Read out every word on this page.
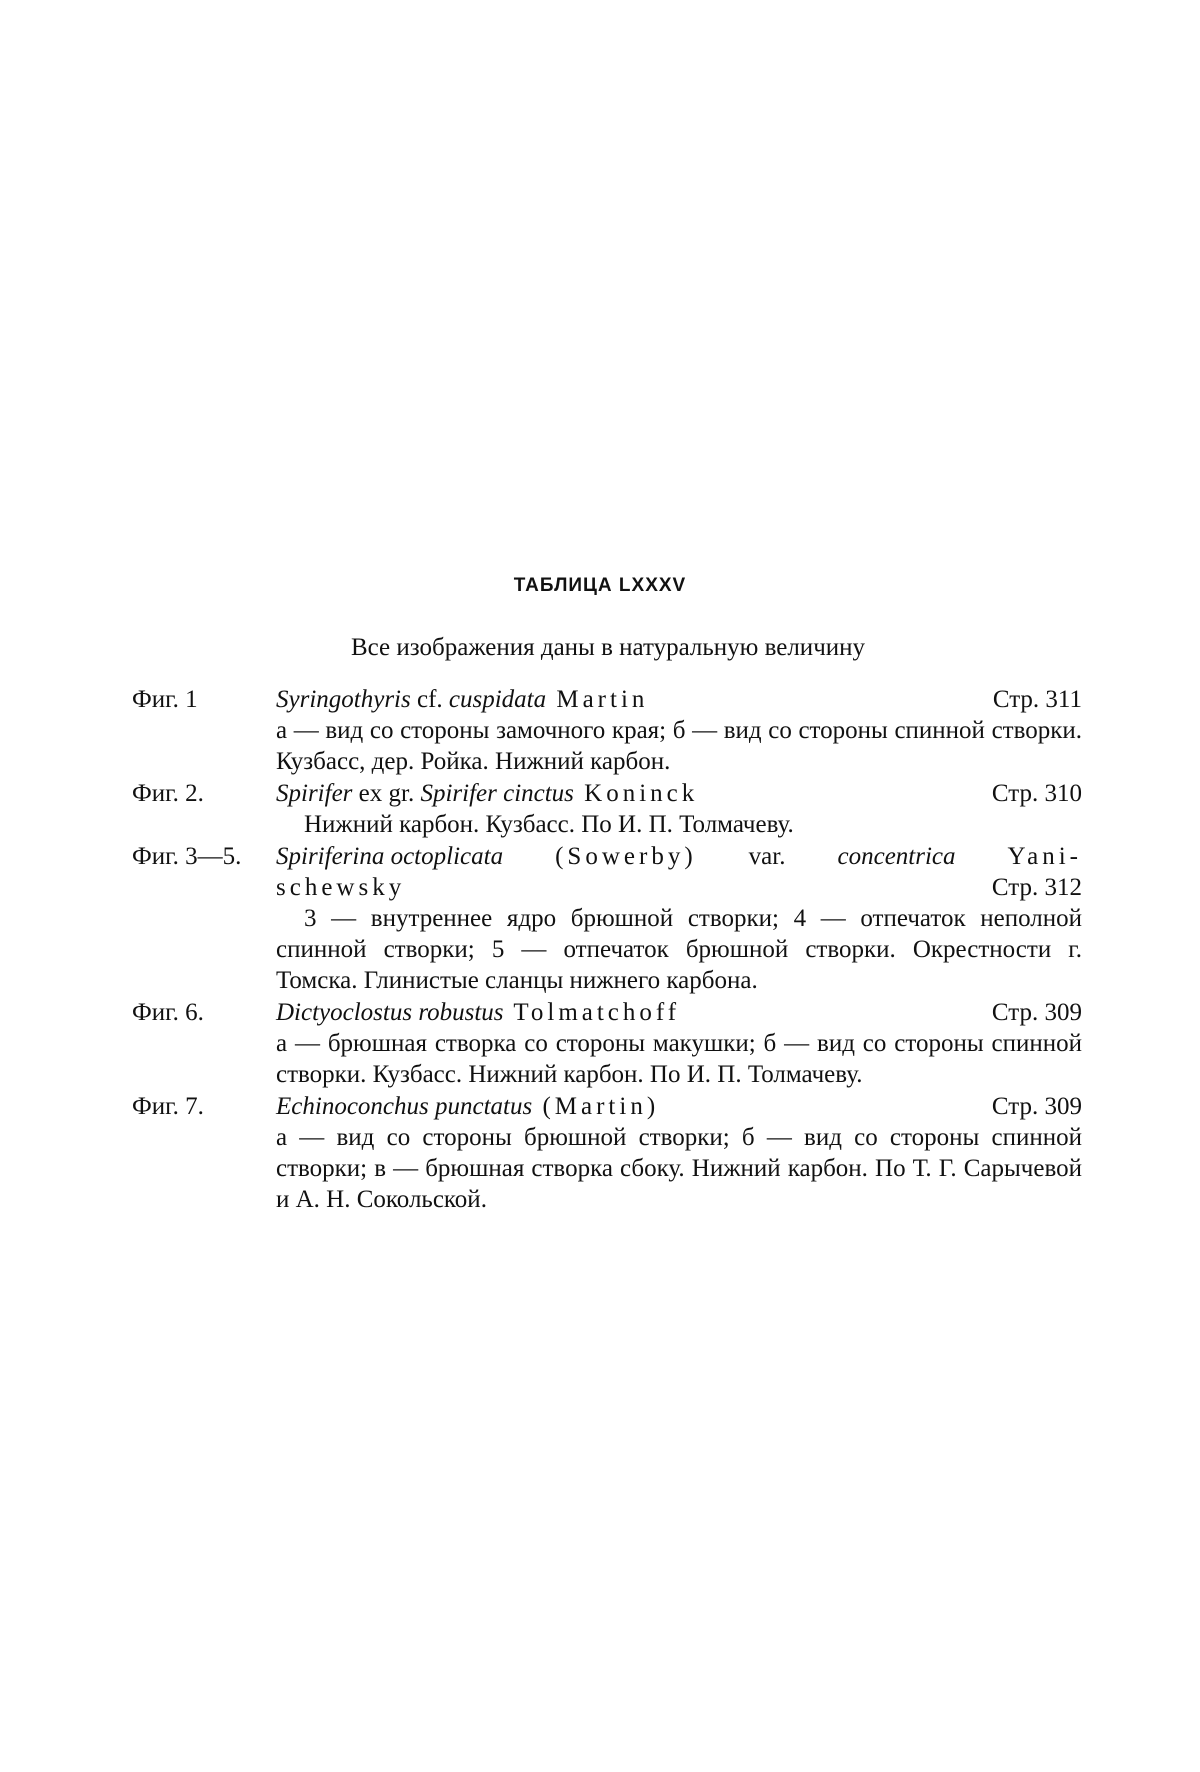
ТАБЛИЦА LXXXV
Все изображения даны в натуральную величину
Фиг. 1	Syringothyris cf. cuspidata Martin	Стр. 311
а — вид со стороны замочного края; б — вид со стороны спинной створки. Кузбасс, дер. Ройка. Нижний карбон.
Фиг. 2.	Spirifer ex gr. Spirifer cinctus Koninck	Стр. 310
Нижний карбон. Кузбасс. По И. П. Толмачеву.
Фиг. 3—5. Spiriferina octoplicata (Sowerby) var. concentrica Yani-
schewsky	Стр. 312
3 — внутреннее ядро брюшной створки; 4 — отпечаток неполной спинной створки; 5 — отпечаток брюшной створки. Окрестности г. Томска. Глинистые сланцы нижнего карбона.
Фиг. 6.	Dictyoclostus robustus Tolmatchoff	Стр. 309
а — брюшная створка со стороны макушки; б — вид со стороны спинной створки. Кузбасс. Нижний карбон. По И. П. Толмачеву.
Фиг. 7.	Echinoconchus punctatus (Martin)	Стр. 309
а — вид со стороны брюшной створки; б — вид со стороны спинной створки; в — брюшная створка сбоку. Нижний карбон. По Т. Г. Сарычевой и А. Н. Сокольской.
